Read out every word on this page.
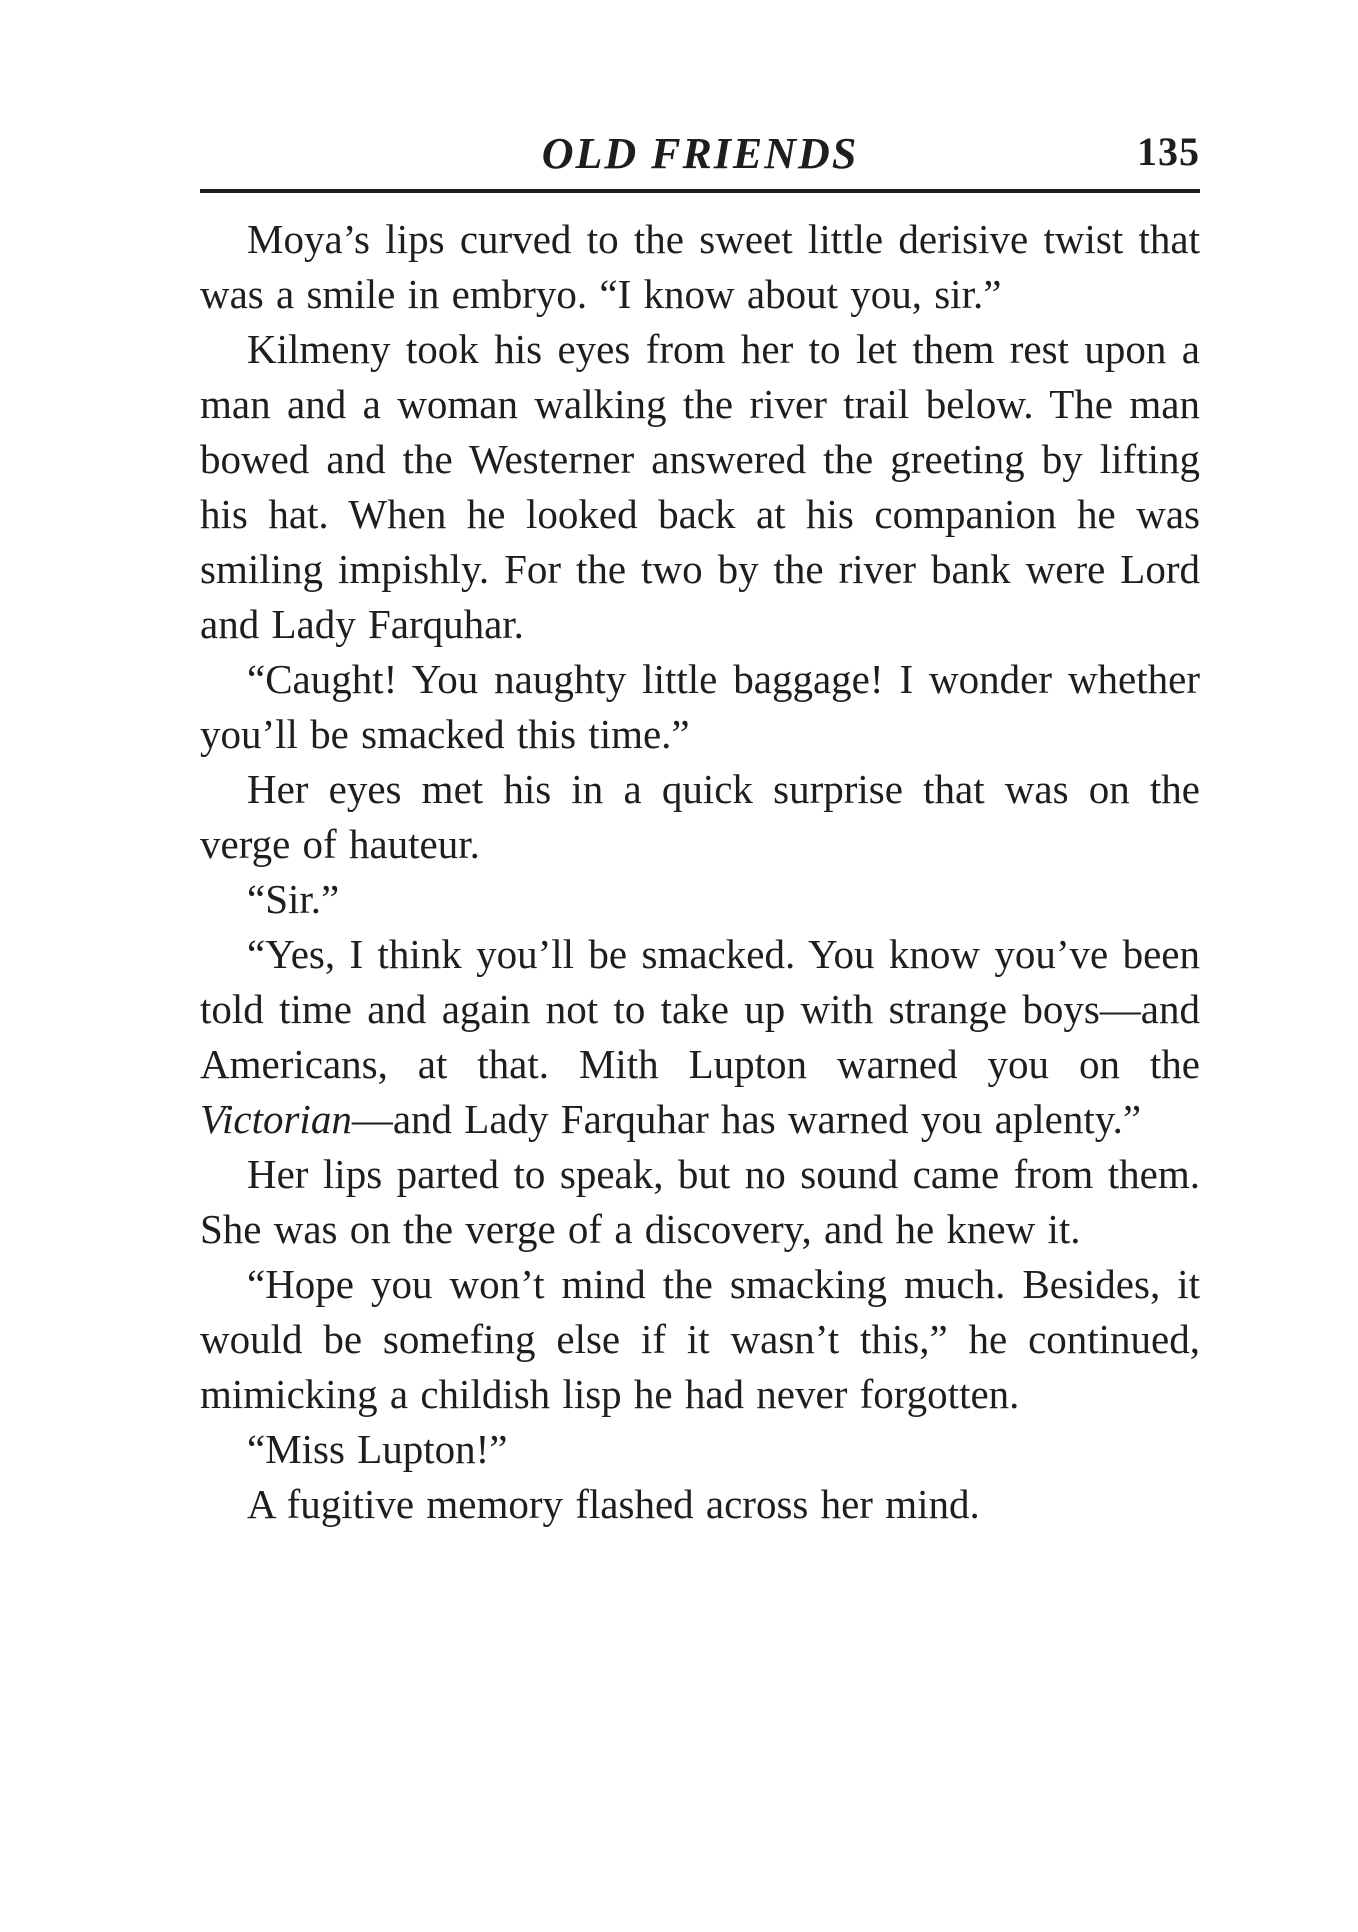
OLD FRIENDS	135

Moya’s lips curved to the sweet little derisive twist that was a smile in embryo. “I know about you, sir.”

Kilmeny took his eyes from her to let them rest upon a man and a woman walking the river trail below. The man bowed and the Westerner answered the greeting by lifting his hat. When he looked back at his companion he was smiling impishly. For the two by the river bank were Lord and Lady Farquhar.

“Caught! You naughty little baggage! I wonder whether you’ll be smacked this time.”

Her eyes met his in a quick surprise that was on the verge of hauteur.

“Sir.”

“Yes, I think you’ll be smacked. You know you’ve been told time and again not to take up with strange boys—and Americans, at that. Mith Lupton warned you on the Victorian—and Lady Farquhar has warned you aplenty.”

Her lips parted to speak, but no sound came from them. She was on the verge of a discovery, and he knew it.

“Hope you won’t mind the smacking much. Besides, it would be somefing else if it wasn’t this,” he continued, mimicking a childish lisp he had never forgotten.

“Miss Lupton!”

A fugitive memory flashed across her mind.
